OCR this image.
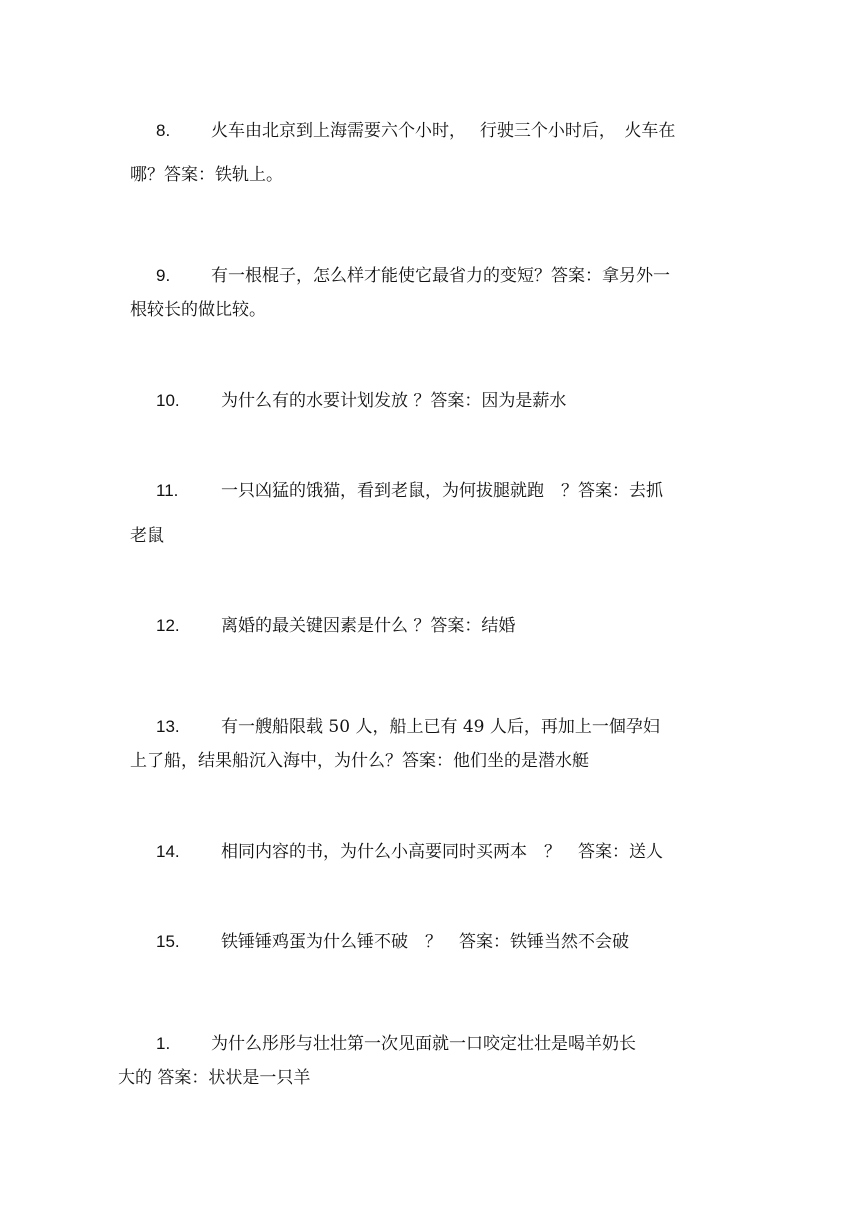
8. 火车由北京到上海需要六个小时，　 行驶三个小时后，　火车在
哪？答案：铁轨上。
9. 有一根棍子，怎么样才能使它最省力的变短？答案：拿另外一
根较长的做比较。
10. 为什么有的水要计划发放 ？答案：因为是薪水
11.	一只凶猛的饿猫，看到老鼠，为何拔腿就跑　？答案：去抓
老鼠
12. 离婚的最关键因素是什么 ？答案：结婚
13. 有一艘船限载 50 人，船上已有 49 人后，再加上一個孕妇
上了船，结果船沉入海中，为什么？答案：他们坐的是潜水艇
14. 相同内容的书，为什么小高要同时买两本　？　答案：送人
15. 铁锤锤鸡蛋为什么锤不破　？　答案：铁锤当然不会破
1. 为什么彤彤与壮壮第一次见面就一口咬定壮壮是喝羊奶长
大的 答案：状状是一只羊
